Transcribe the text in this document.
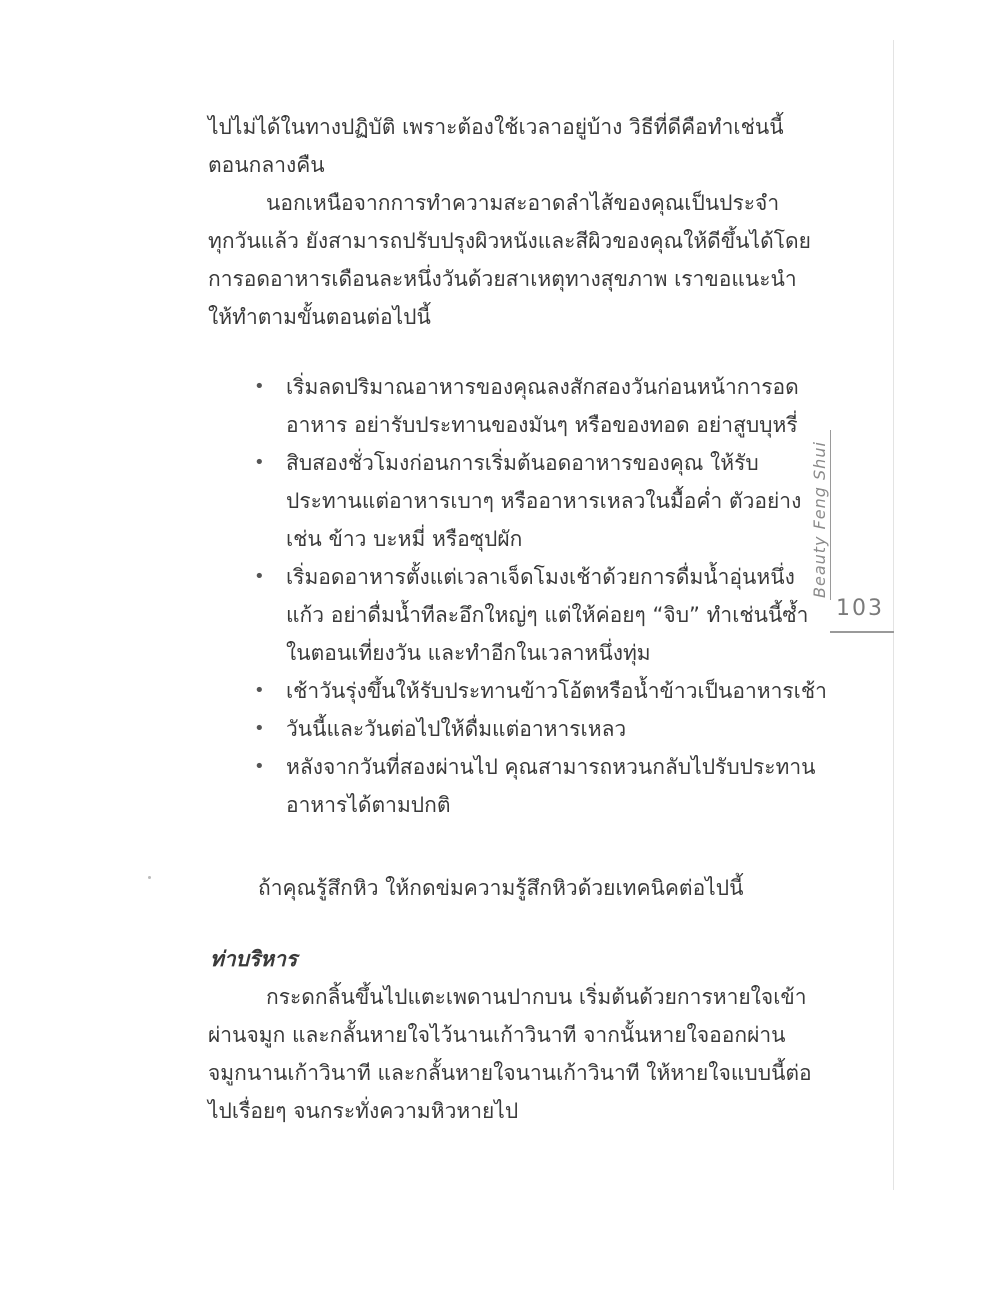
ไปไม่ได้ในทางปฏิบัติ เพราะต้องใช้เวลาอยู่บ้าง วิธีที่ดีคือทำเช่นนี้
ตอนกลางคืน
นอกเหนือจากการทำความสะอาดลำไส้ของคุณเป็นประจำ
ทุกวันแล้ว ยังสามารถปรับปรุงผิวหนังและสีผิวของคุณให้ดีขึ้นได้โดย
การอดอาหารเดือนละหนึ่งวันด้วยสาเหตุทางสุขภาพ เราขอแนะนำ
ให้ทำตามขั้นตอนต่อไปนี้
• เริ่มลดปริมาณอาหารของคุณลงสักสองวันก่อนหน้าการอด
อาหาร อย่ารับประทานของมันๆ หรือของทอด อย่าสูบบุหรี่
• สิบสองชั่วโมงก่อนการเริ่มต้นอดอาหารของคุณ ให้รับ
ประทานแต่อาหารเบาๆ หรืออาหารเหลวในมื้อค่ำ ตัวอย่าง
เช่น ข้าว บะหมี่ หรือซุปผัก
• เริ่มอดอาหารตั้งแต่เวลาเจ็ดโมงเช้าด้วยการดื่มน้ำอุ่นหนึ่ง
แก้ว อย่าดื่มน้ำทีละอึกใหญ่ๆ แต่ให้ค่อยๆ “จิบ” ทำเช่นนี้ซ้ำ
ในตอนเที่ยงวัน และทำอีกในเวลาหนึ่งทุ่ม
• เช้าวันรุ่งขึ้นให้รับประทานข้าวโอ้ตหรือน้ำข้าวเป็นอาหารเช้า
• วันนี้และวันต่อไปให้ดื่มแต่อาหารเหลว
• หลังจากวันที่สองผ่านไป คุณสามารถหวนกลับไปรับประทาน
อาหารได้ตามปกติ
ถ้าคุณรู้สึกหิว ให้กดข่มความรู้สึกหิวด้วยเทคนิคต่อไปนี้
ท่าบริหาร
กระดกลิ้นขึ้นไปแตะเพดานปากบน เริ่มต้นด้วยการหายใจเข้า
ผ่านจมูก และกลั้นหายใจไว้นานเก้าวินาที จากนั้นหายใจออกผ่าน
จมูกนานเก้าวินาที และกลั้นหายใจนานเก้าวินาที ให้หายใจแบบนี้ต่อ
ไปเรื่อยๆ จนกระทั่งความหิวหายไป
Beauty Feng Shui
103
